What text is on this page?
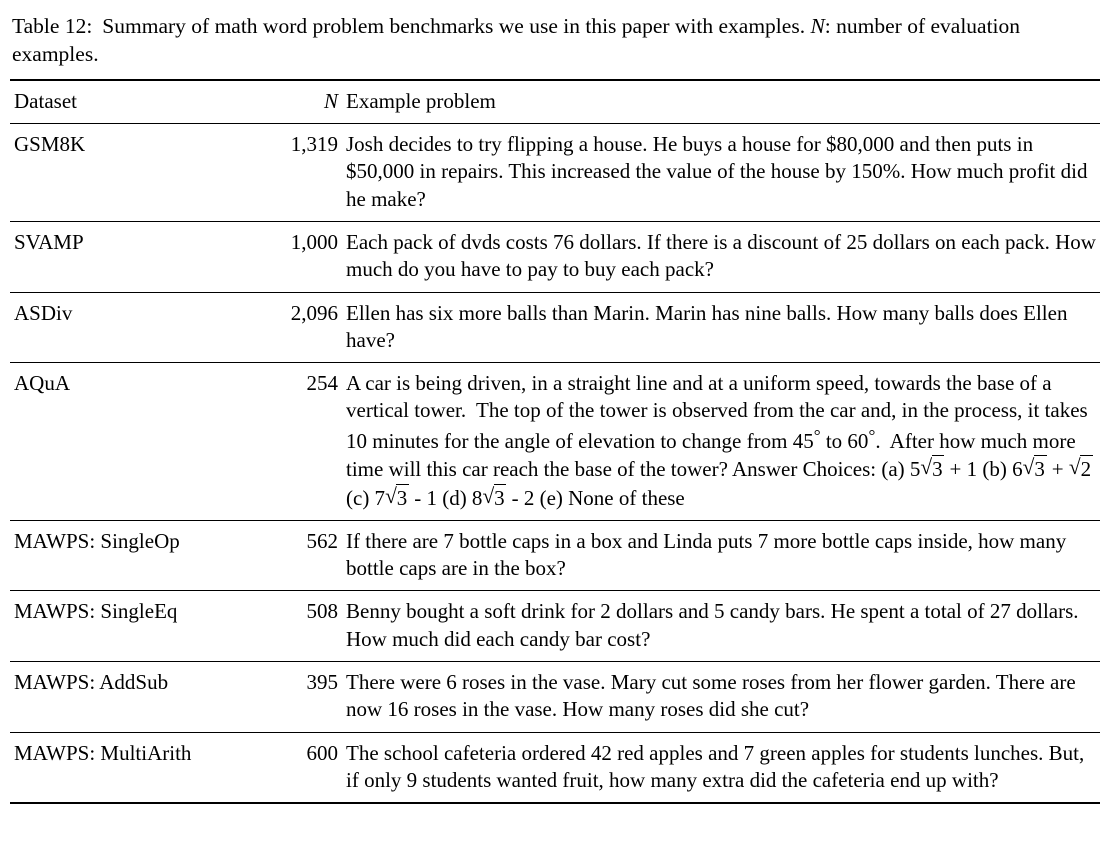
Table 12: Summary of math word problem benchmarks we use in this paper with examples. N: number of evaluation examples.
Dataset	N	Example problem
GSM8K	1,319	Josh decides to try flipping a house. He buys a house for $80,000 and then puts in $50,000 in repairs. This increased the value of the house by 150%. How much profit did he make?
SVAMP	1,000	Each pack of dvds costs 76 dollars. If there is a discount of 25 dollars on each pack. How much do you have to pay to buy each pack?
ASDiv	2,096	Ellen has six more balls than Marin. Marin has nine balls. How many balls does Ellen have?
AQuA	254	A car is being driven, in a straight line and at a uniform speed, towards the base of a vertical tower. The top of the tower is observed from the car and, in the process, it takes 10 minutes for the angle of elevation to change from 45° to 60°. After how much more time will this car reach the base of the tower? Answer Choices: (a) 5 √ 3 + 1 (b) 6 √ 3 + √ 2 (c) 7 √ 3 - 1 (d) 8 √ 3 - 2 (e) None of these
MAWPS: SingleOp	562	If there are 7 bottle caps in a box and Linda puts 7 more bottle caps inside, how many bottle caps are in the box?
MAWPS: SingleEq	508	Benny bought a soft drink for 2 dollars and 5 candy bars. He spent a total of 27 dollars. How much did each candy bar cost?
MAWPS: AddSub	395	There were 6 roses in the vase. Mary cut some roses from her flower garden. There are now 16 roses in the vase. How many roses did she cut?
MAWPS: MultiArith	600	The school cafeteria ordered 42 red apples and 7 green apples for students lunches. But, if only 9 students wanted fruit, how many extra did the cafeteria end up with?
